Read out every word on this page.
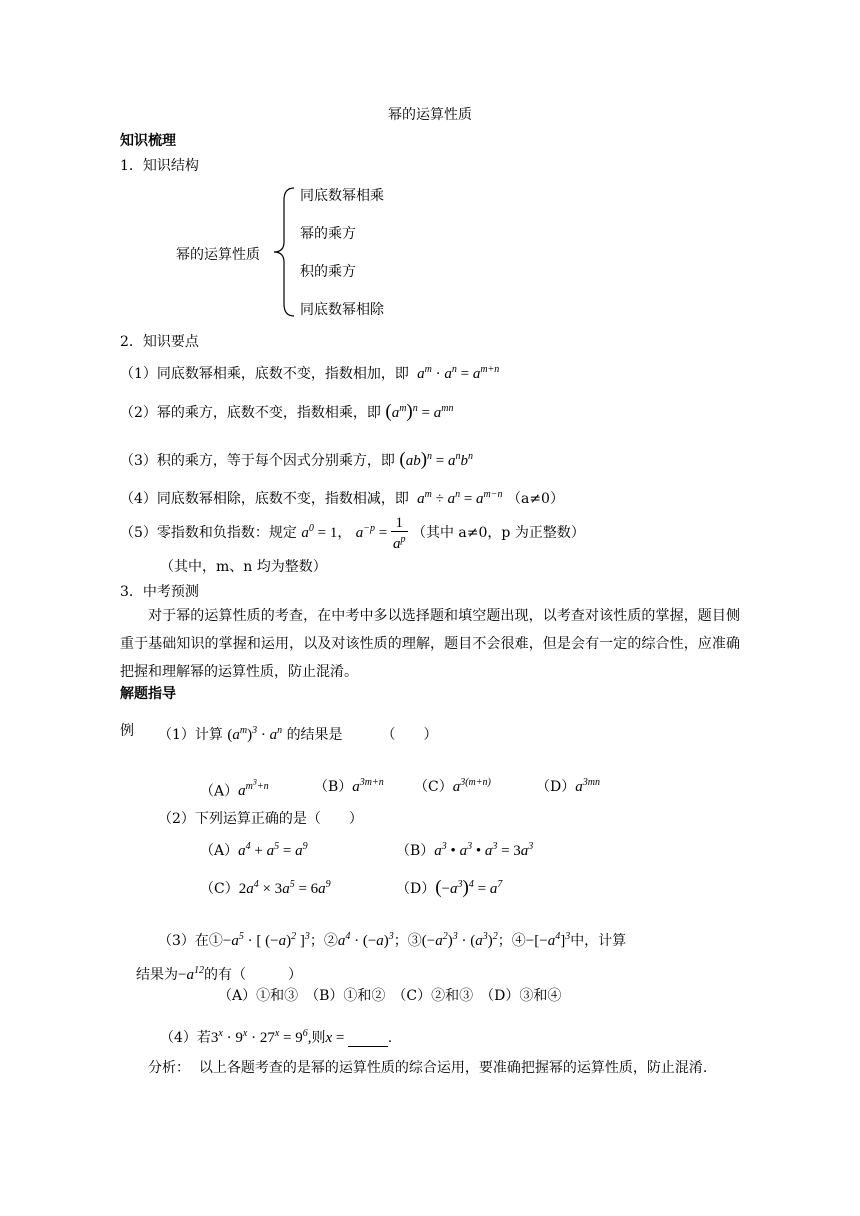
幂的运算性质
知识梳理
1．知识结构
幂的运算性质
同底数幂相乘
幂的乘方
积的乘方
同底数幂相除
2．知识要点
（1）同底数幂相乘，底数不变，指数相加，即  $a^m \cdot a^n = a^{m+n}$
（2）幂的乘方，底数不变，指数相乘，即 $(a^m)^n = a^{mn}$
（3）积的乘方，等于每个因式分别乘方，即 $(ab)^n = a^nb^n$
（4）同底数幂相除，底数不变，指数相减，即  $a^m \div a^n = a^{m-n}$ （a≠0）
（5）零指数和负指数：规定 $a^0 = 1$， $a^{-p} = \frac{1}{a^p}$ （其中 a≠0，p 为正整数）
（其中，m、n 均为整数）
3．中考预测
对于幂的运算性质的考查，在中考中多以选择题和填空题出现，以考查对该性质的掌握，题目侧重于基础知识的掌握和运用，以及对该性质的理解，题目不会很难，但是会有一定的综合性，应准确把握和理解幂的运算性质，防止混淆。
解题指导
例 （1）计算 $(a^m)^3 \cdot a^n$ 的结果是	（　　）
$(A)a^{m^3+n}$	$(B)a^{3m+n}$ $(C)a^{3(m+n)}$	$(D)a^{3mn}$
（2）下列运算正确的是（　　）
$(A)a^4 + a^5 = a^9$	$(B)a^3$ • $a^3$ • $a^3 = 3a^3$
$(C)2a^4 \times 3a^5 = 6a^9$	$(D)(-a^3)^4 = a^7$
（3）在$①-a^5$ · [ $(-a)^2$ ]$^3$；$②a^4 \cdot (-a)^3$；$③(-a^2)^3 \cdot (a^3)^2$；$④-[-a^4]^3$中，计算
结果为$-a^{12}$的有（　　　）
（A）①和③　（B）①和②　（C）②和③　（D）③和④
（4）若$3^x \cdot 9^x \cdot 27^x = 9^6$,则x =	.
分析： 以上各题考查的是幂的运算性质的综合运用，要准确把握幂的运算性质，防止混淆.
